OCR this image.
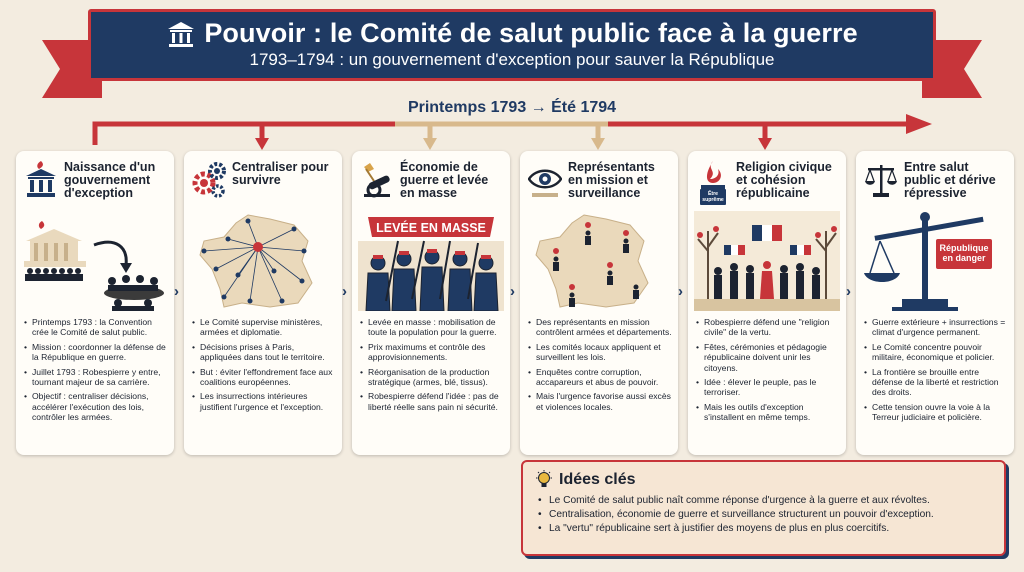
Pouvoir : le Comité de salut public face à la guerre
1793–1794 : un gouvernement d'exception pour sauver la République
Printemps 1793 → Été 1794
Naissance d'un gouvernement d'exception
• Printemps 1793 : la Convention crée le Comité de salut public.
• Mission : coordonner la défense de la République en guerre.
• Juillet 1793 : Robespierre y entre, tournant majeur de sa carrière.
• Objectif : centraliser décisions, accélérer l'exécution des lois, contrôler les armées.
›
Centraliser pour survivre
• Le Comité supervise ministères, armées et diplomatie.
• Décisions prises à Paris, appliquées dans tout le territoire.
• But : éviter l'effondrement face aux coalitions européennes.
• Les insurrections intérieures justifient l'urgence et l'exception.
›
Économie de guerre et levée en masse
LEVÉE EN MASSE
• Levée en masse : mobilisation de toute la population pour la guerre.
• Prix maximums et contrôle des approvisionnements.
• Réorganisation de la production stratégique (armes, blé, tissus).
• Robespierre défend l'idée : pas de liberté réelle sans pain ni sécurité.
›
Représentants en mission et surveillance
• Des représentants en mission contrôlent armées et départements.
• Les comités locaux appliquent et surveillent les lois.
• Enquêtes contre corruption, accapareurs et abus de pouvoir.
• Mais l'urgence favorise aussi excès et violences locales.
›
Religion civique et cohésion républicaine
Être suprême
• Robespierre défend une "religion civile" de la vertu.
• Fêtes, cérémonies et pédagogie républicaine doivent unir les citoyens.
• Idée : élever le peuple, pas le terroriser.
• Mais les outils d'exception s'installent en même temps.
›
Entre salut public et dérive répressive
République en danger
• Guerre extérieure + insurrections = climat d'urgence permanent.
• Le Comité concentre pouvoir militaire, économique et policier.
• La frontière se brouille entre défense de la liberté et restriction des droits.
• Cette tension ouvre la voie à la Terreur judiciaire et policière.
Idées clés
• Le Comité de salut public naît comme réponse d'urgence à la guerre et aux révoltes.
• Centralisation, économie de guerre et surveillance structurent un pouvoir d'exception.
• La "vertu" républicaine sert à justifier des moyens de plus en plus coercitifs.
